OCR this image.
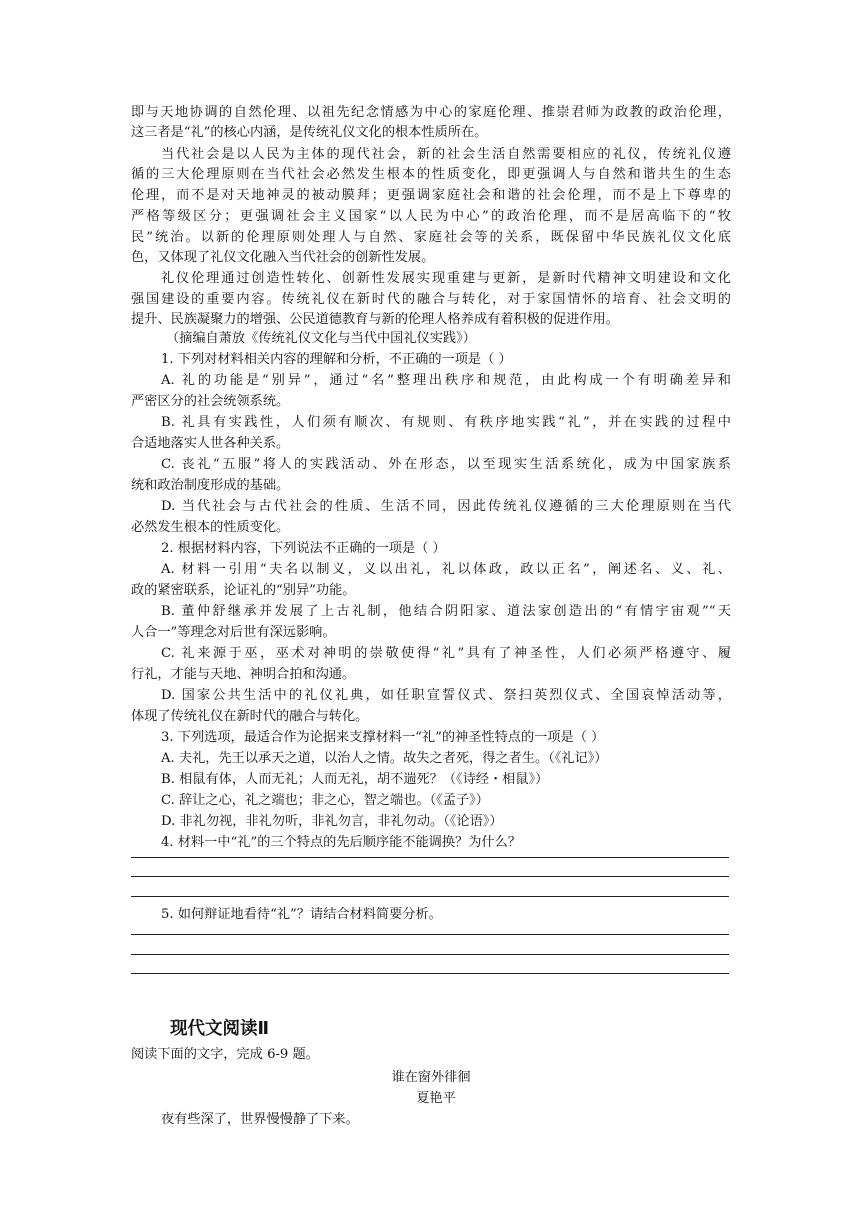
即与天地协调的自然伦理、以祖先纪念情感为中心的家庭伦理、推崇君师为政教的政治伦理，
这三者是“礼”的核心内涵，是传统礼仪文化的根本性质所在。
当代社会是以人民为主体的现代社会，新的社会生活自然需要相应的礼仪，传统礼仪遵
循的三大伦理原则在当代社会必然发生根本的性质变化，即更强调人与自然和谐共生的生态
伦理，而不是对天地神灵的被动膜拜；更强调家庭社会和谐的社会伦理，而不是上下尊卑的
严格等级区分；更强调社会主义国家“以人民为中心”的政治伦理，而不是居高临下的“牧
民”统治。以新的伦理原则处理人与自然、家庭社会等的关系，既保留中华民族礼仪文化底
色，又体现了礼仪文化融入当代社会的创新性发展。
礼仪伦理通过创造性转化、创新性发展实现重建与更新，是新时代精神文明建设和文化
强国建设的重要内容。传统礼仪在新时代的融合与转化，对于家国情怀的培育、社会文明的
提升、民族凝聚力的增强、公民道德教育与新的伦理人格养成有着积极的促进作用。
（摘编自萧放《传统礼仪文化与当代中国礼仪实践》）
1. 下列对材料相关内容的理解和分析，不正确的一项是（ ）
A. 礼的功能是“别异”，通过“名”整理出秩序和规范，由此构成一个有明确差异和
严密区分的社会统领系统。
B. 礼具有实践性，人们须有顺次、有规则、有秩序地实践“礼”，并在实践的过程中
合适地落实人世各种关系。
C. 丧礼“五服”将人的实践活动、外在形态，以至现实生活系统化，成为中国家族系
统和政治制度形成的基础。
D. 当代社会与古代社会的性质、生活不同，因此传统礼仪遵循的三大伦理原则在当代
必然发生根本的性质变化。
2. 根据材料内容，下列说法不正确的一项是（ ）
A. 材料一引用“夫名以制义，义以出礼，礼以体政，政以正名”，阐述名、义、礼、
政的紧密联系，论证礼的“别异”功能。
B. 董仲舒继承并发展了上古礼制，他结合阴阳家、道法家创造出的“有情宇宙观”“天
人合一”等理念对后世有深远影响。
C. 礼来源于巫，巫术对神明的崇敬使得“礼”具有了神圣性，人们必须严格遵守、履
行礼，才能与天地、神明合拍和沟通。
D. 国家公共生活中的礼仪礼典，如任职宣誓仪式、祭扫英烈仪式、全国哀悼活动等，
体现了传统礼仪在新时代的融合与转化。
3. 下列选项，最适合作为论据来支撑材料一“礼”的神圣性特点的一项是（ ）
A. 夫礼，先王以承天之道，以治人之情。故失之者死，得之者生。（《礼记》）
B. 相鼠有体，人而无礼；人而无礼，胡不遄死？（《诗经・相鼠》）
C. 辞让之心，礼之端也；非之心，智之端也。（《孟子》）
D. 非礼勿视，非礼勿听，非礼勿言，非礼勿动。（《论语》）
4. 材料一中“礼”的三个特点的先后顺序能不能调换？为什么？
5. 如何辩证地看待“礼”？请结合材料简要分析。
现代文阅读Ⅱ
阅读下面的文字，完成 6-9 题。
谁在窗外徘徊
夏艳平
夜有些深了，世界慢慢静了下来。
